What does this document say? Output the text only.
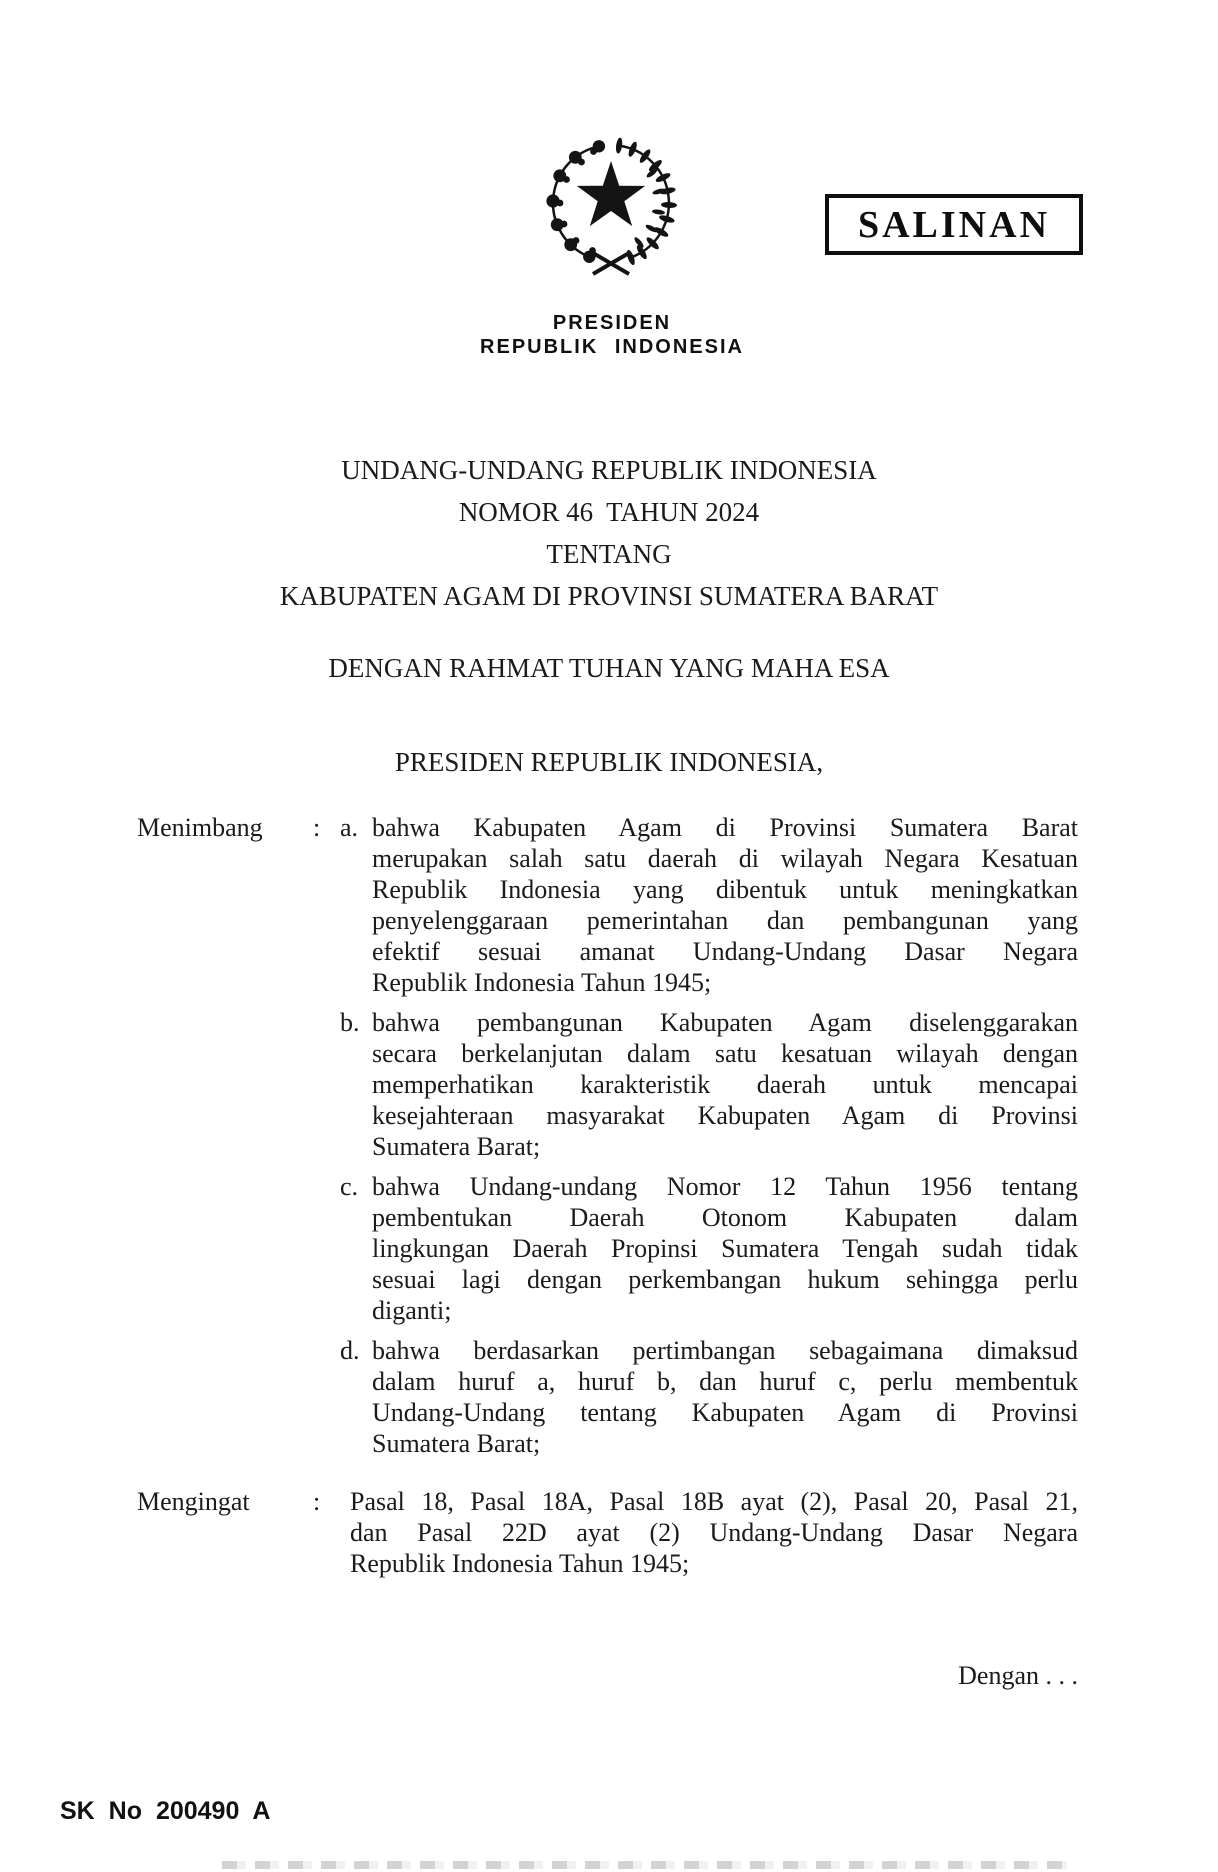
SALINAN
PRESIDEN
REPUBLIK INDONESIA
UNDANG-UNDANG REPUBLIK INDONESIA
NOMOR 46  TAHUN 2024
TENTANG
KABUPATEN AGAM DI PROVINSI SUMATERA BARAT
DENGAN RAHMAT TUHAN YANG MAHA ESA
PRESIDEN REPUBLIK INDONESIA,
Menimbang	: a. bahwa Kabupaten Agam di Provinsi Sumatera Barat
merupakan salah satu daerah di wilayah Negara Kesatuan
Republik Indonesia yang dibentuk untuk meningkatkan
penyelenggaraan pemerintahan dan pembangunan yang
efektif sesuai amanat Undang-Undang Dasar Negara
Republik Indonesia Tahun 1945;
b. bahwa pembangunan Kabupaten Agam diselenggarakan
secara berkelanjutan dalam satu kesatuan wilayah dengan
memperhatikan karakteristik daerah untuk mencapai
kesejahteraan masyarakat Kabupaten Agam di Provinsi
Sumatera Barat;
c. bahwa Undang-undang Nomor 12 Tahun 1956 tentang
pembentukan Daerah Otonom Kabupaten dalam
lingkungan Daerah Propinsi Sumatera Tengah sudah tidak
sesuai lagi dengan perkembangan hukum sehingga perlu
diganti;
d. bahwa berdasarkan pertimbangan sebagaimana dimaksud
dalam huruf a, huruf b, dan huruf c, perlu membentuk
Undang-Undang tentang Kabupaten Agam di Provinsi
Sumatera Barat;
Mengingat	:	Pasal 18, Pasal 18A, Pasal 18B ayat (2), Pasal 20, Pasal 21,
dan Pasal 22D ayat (2) Undang-Undang Dasar Negara
Republik Indonesia Tahun 1945;
Dengan . . .
SK No 200490 A
